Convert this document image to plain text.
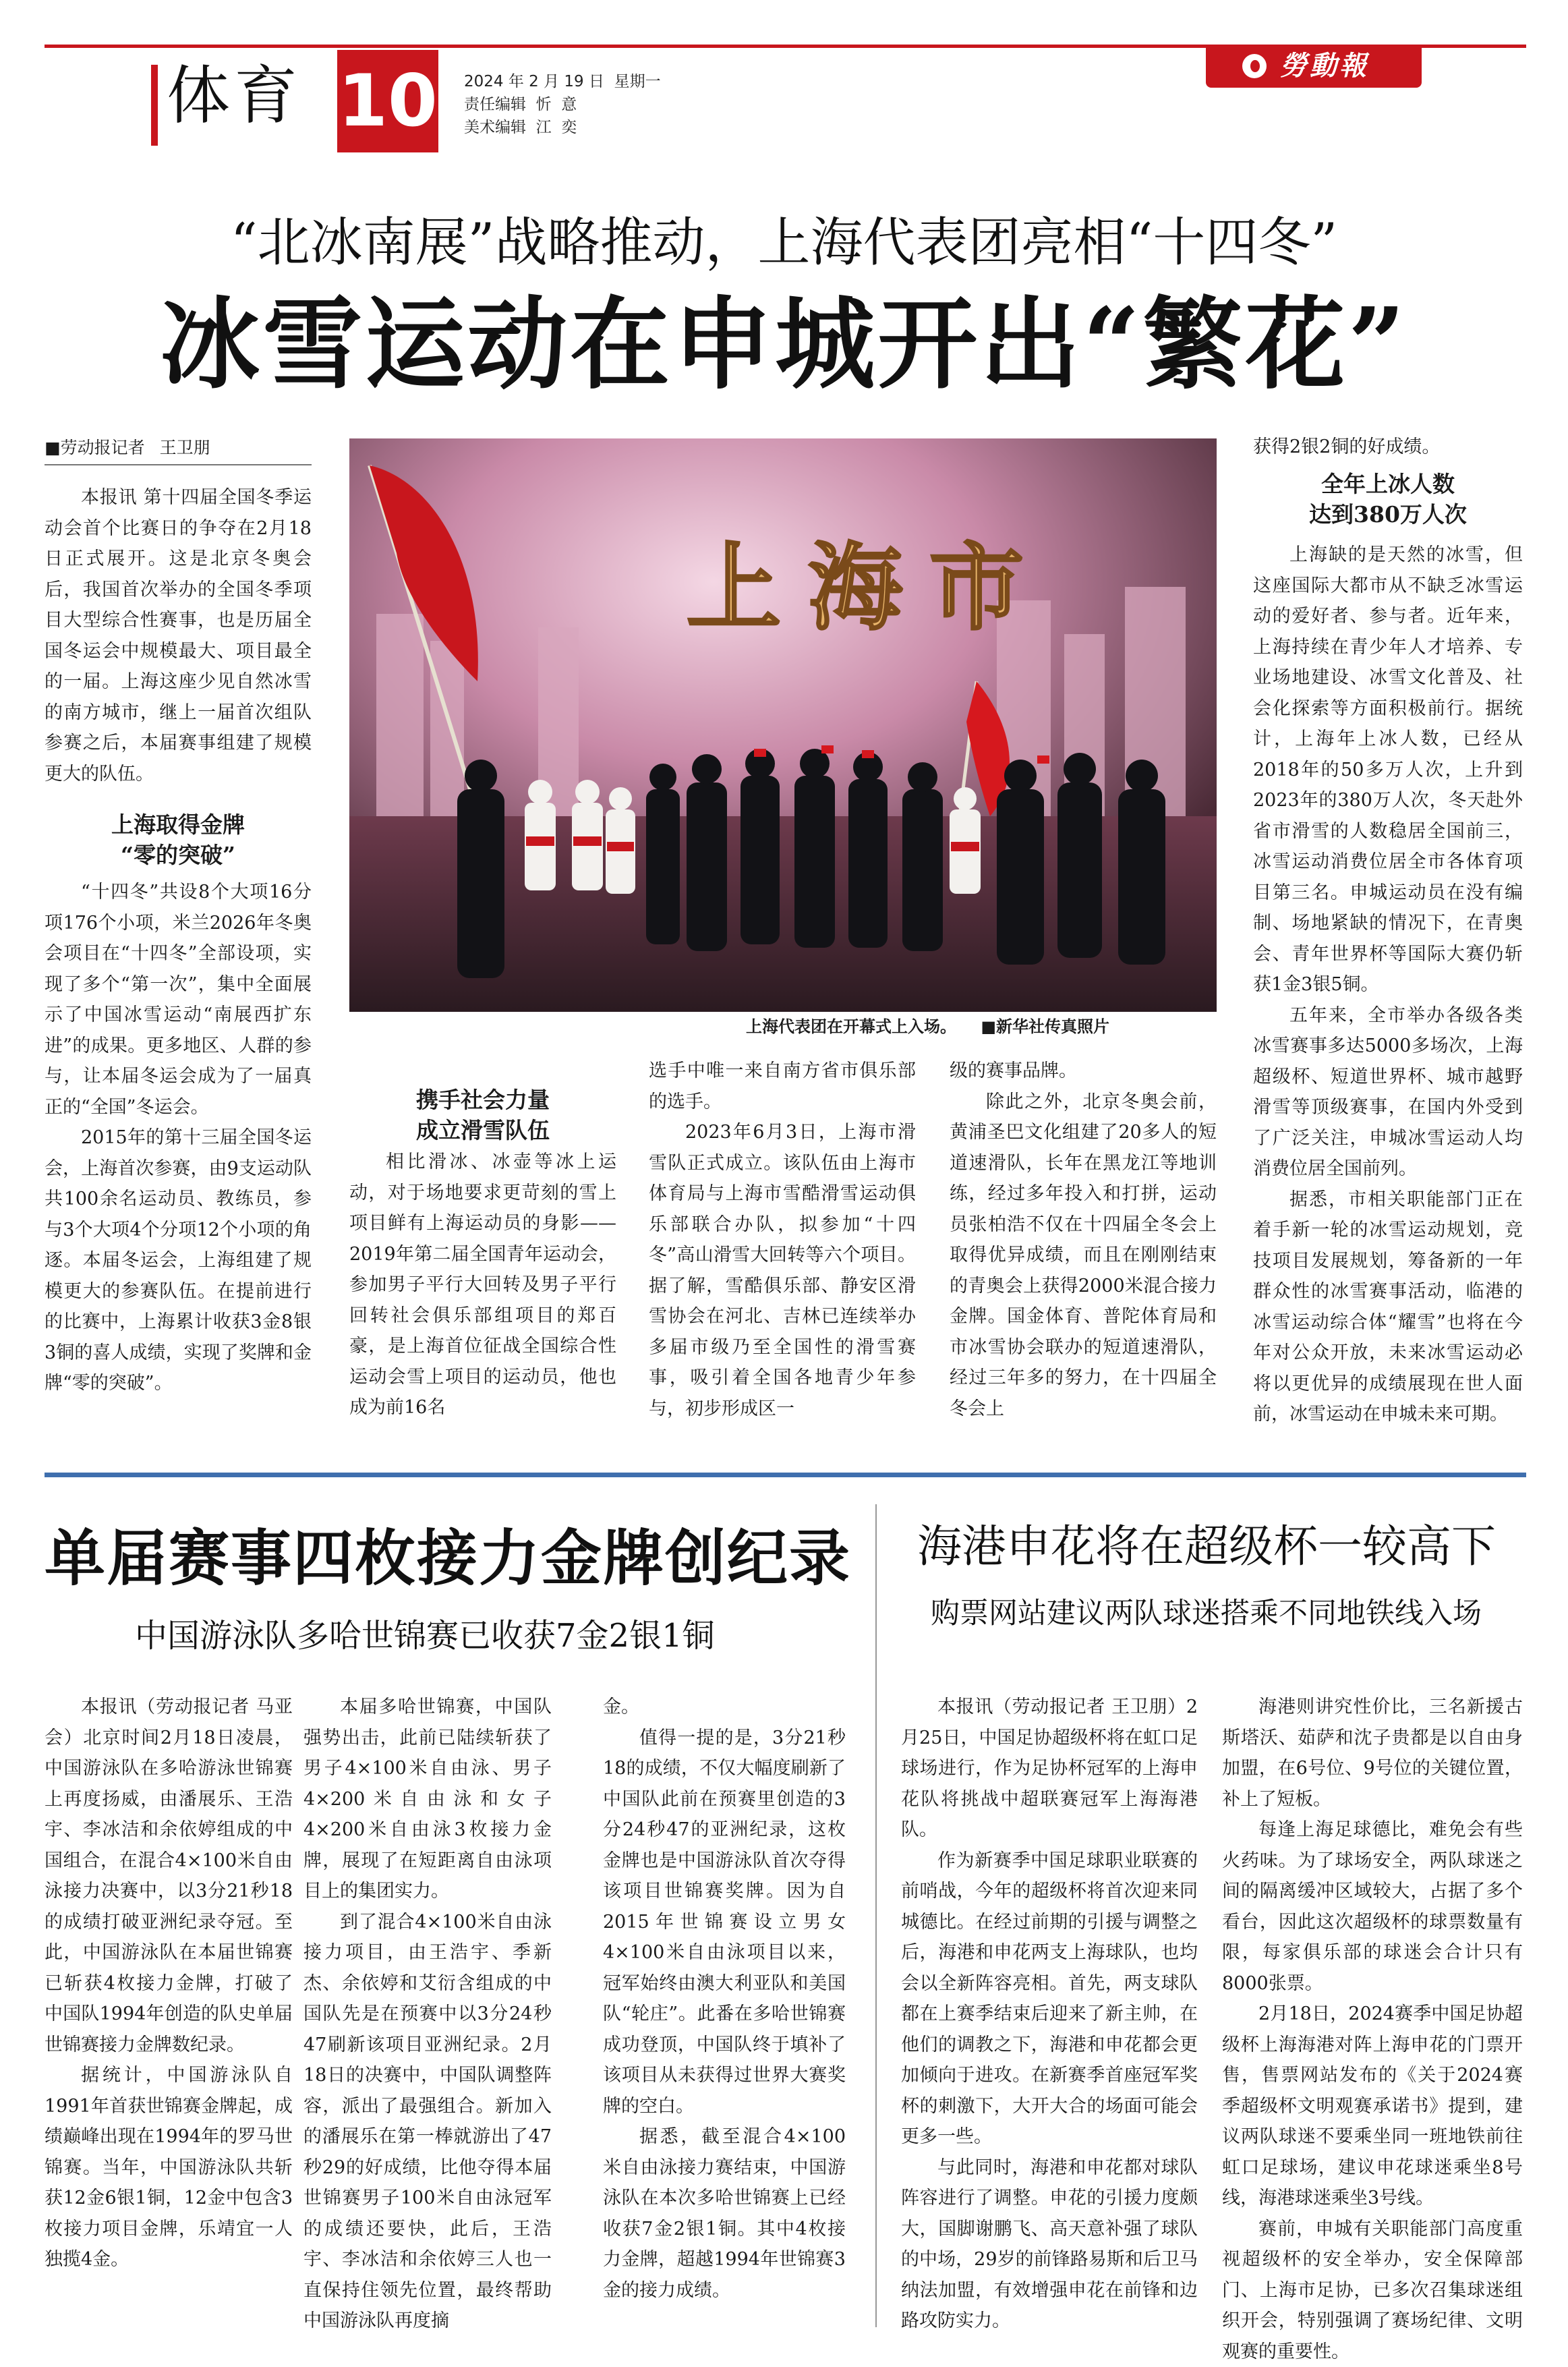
体育 10 2024 年 2 月 19 日  星期一
责任编辑  忻  意
美术编辑  江  奕
勞動報
“北冰南展”战略推动，上海代表团亮相“十四冬”
冰雪运动在申城开出“繁花”
■劳动报记者 王卫朋

本报讯 第十四届全国冬季运动会首个比赛日的争夺在2月18日正式展开。这是北京冬奥会后，我国首次举办的全国冬季项目大型综合性赛事，也是历届全国冬运会中规模最大、项目最全的一届。上海这座少见自然冰雪的南方城市，继上一届首次组队参赛之后，本届赛事组建了规模更大的队伍。

上海取得金牌
“零的突破”

“十四冬”共设8个大项16分项176个小项，米兰2026年冬奥会项目在“十四冬”全部设项，实现了多个“第一次”，集中全面展示了中国冰雪运动“南展西扩东进”的成果。更多地区、人群的参与，让本届冬运会成为了一届真正的“全国”冬运会。

2015年的第十三届全国冬运会，上海首次参赛，由9支运动队共100余名运动员、教练员，参与3个大项4个分项12个小项的角逐。本届冬运会，上海组建了规模更大的参赛队伍。在提前进行的比赛中，上海累计收获3金8银3铜的喜人成绩，实现了奖牌和金牌“零的突破”。

上海市
上海代表团在开幕式上入场。 ■新华社传真照片
携手社会力量
成立滑雪队伍

相比滑冰、冰壶等冰上运动，对于场地要求更苛刻的雪上项目鲜有上海运动员的身影——2019年第二届全国青年运动会，参加男子平行大回转及男子平行回转社会俱乐部组项目的郑百豪，是上海首位征战全国综合性运动会雪上项目的运动员，他也成为前16名

选手中唯一来自南方省市俱乐部的选手。

2023年6月3日，上海市滑雪队正式成立。该队伍由上海市体育局与上海市雪酷滑雪运动俱乐部联合办队，拟参加“十四冬”高山滑雪大回转等六个项目。据了解，雪酷俱乐部、静安区滑雪协会在河北、吉林已连续举办多届市级乃至全国性的滑雪赛事，吸引着全国各地青少年参与，初步形成区一

级的赛事品牌。

除此之外，北京冬奥会前，黄浦圣巴文化组建了20多人的短道速滑队，长年在黑龙江等地训练，经过多年投入和打拼，运动员张柏浩不仅在十四届全冬会上取得优异成绩，而且在刚刚结束的青奥会上获得2000米混合接力金牌。国金体育、普陀体育局和市冰雪协会联办的短道速滑队，经过三年多的努力，在十四届全冬会上

获得2银2铜的好成绩。

全年上冰人数
达到380万人次

上海缺的是天然的冰雪，但这座国际大都市从不缺乏冰雪运动的爱好者、参与者。近年来，上海持续在青少年人才培养、专业场地建设、冰雪文化普及、社会化探索等方面积极前行。据统计，上海年上冰人数，已经从2018年的50多万人次，上升到2023年的380万人次，冬天赴外省市滑雪的人数稳居全国前三，冰雪运动消费位居全市各体育项目第三名。申城运动员在没有编制、场地紧缺的情况下，在青奥会、青年世界杯等国际大赛仍斩获1金3银5铜。

五年来，全市举办各级各类冰雪赛事多达5000多场次，上海超级杯、短道世界杯、城市越野滑雪等顶级赛事，在国内外受到了广泛关注，申城冰雪运动人均消费位居全国前列。

据悉，市相关职能部门正在着手新一轮的冰雪运动规划，竞技项目发展规划，筹备新的一年群众性的冰雪赛事活动，临港的冰雪运动综合体“耀雪”也将在今年对公众开放，未来冰雪运动必将以更优异的成绩展现在世人面前，冰雪运动在申城未来可期。

单届赛事四枚接力金牌创纪录
中国游泳队多哈世锦赛已收获7金2银1铜

本报讯（劳动报记者 马亚会）北京时间2月18日凌晨，中国游泳队在多哈游泳世锦赛上再度扬威，由潘展乐、王浩宇、李冰洁和余依婷组成的中国组合，在混合4×100米自由泳接力决赛中，以3分21秒18的成绩打破亚洲纪录夺冠。至此，中国游泳队在本届世锦赛已斩获4枚接力金牌，打破了中国队1994年创造的队史单届世锦赛接力金牌数纪录。

据统计，中国游泳队自1991年首获世锦赛金牌起，成绩巅峰出现在1994年的罗马世锦赛。当年，中国游泳队共斩获12金6银1铜，12金中包含3枚接力项目金牌，乐靖宜一人独揽4金。

本届多哈世锦赛，中国队强势出击，此前已陆续斩获了男子4×100米自由泳、男子4×200米自由泳和女子4×200米自由泳3枚接力金牌，展现了在短距离自由泳项目上的集团实力。

到了混合4×100米自由泳接力项目，由王浩宇、季新杰、余依婷和艾衍含组成的中国队先是在预赛中以3分24秒47刷新该项目亚洲纪录。2月18日的决赛中，中国队调整阵容，派出了最强组合。新加入的潘展乐在第一棒就游出了47秒29的好成绩，比他夺得本届世锦赛男子100米自由泳冠军的成绩还要快，此后，王浩宇、李冰洁和余依婷三人也一直保持住领先位置，最终帮助中国游泳队再度摘

金。

值得一提的是，3分21秒18的成绩，不仅大幅度刷新了中国队此前在预赛里创造的3分24秒47的亚洲纪录，这枚金牌也是中国游泳队首次夺得该项目世锦赛奖牌。因为自2015年世锦赛设立男女4×100米自由泳项目以来，冠军始终由澳大利亚队和美国队“轮庄”。此番在多哈世锦赛成功登顶，中国队终于填补了该项目从未获得过世界大赛奖牌的空白。

据悉，截至混合4×100米自由泳接力赛结束，中国游泳队在本次多哈世锦赛上已经收获7金2银1铜。其中4枚接力金牌，超越1994年世锦赛3金的接力成绩。

海港申花将在超级杯一较高下
购票网站建议两队球迷搭乘不同地铁线入场

本报讯（劳动报记者 王卫朋）2月25日，中国足协超级杯将在虹口足球场进行，作为足协杯冠军的上海申花队将挑战中超联赛冠军上海海港队。

作为新赛季中国足球职业联赛的前哨战，今年的超级杯将首次迎来同城德比。在经过前期的引援与调整之后，海港和申花两支上海球队，也均会以全新阵容亮相。首先，两支球队都在上赛季结束后迎来了新主帅，在他们的调教之下，海港和申花都会更加倾向于进攻。在新赛季首座冠军奖杯的刺激下，大开大合的场面可能会更多一些。

与此同时，海港和申花都对球队阵容进行了调整。申花的引援力度颇大，国脚谢鹏飞、高天意补强了球队的中场，29岁的前锋路易斯和后卫马纳法加盟，有效增强申花在前锋和边路攻防实力。

海港则讲究性价比，三名新援古斯塔沃、茹萨和沈子贵都是以自由身加盟，在6号位、9号位的关键位置，补上了短板。

每逢上海足球德比，难免会有些火药味。为了球场安全，两队球迷之间的隔离缓冲区域较大，占据了多个看台，因此这次超级杯的球票数量有限，每家俱乐部的球迷会合计只有8000张票。

2月18日，2024赛季中国足协超级杯上海海港对阵上海申花的门票开售，售票网站发布的《关于2024赛季超级杯文明观赛承诺书》提到，建议两队球迷不要乘坐同一班地铁前往虹口足球场，建议申花球迷乘坐8号线，海港球迷乘坐3号线。

赛前，申城有关职能部门高度重视超级杯的安全举办，安全保障部门、上海市足协，已多次召集球迷组织开会，特别强调了赛场纪律、文明观赛的重要性。
